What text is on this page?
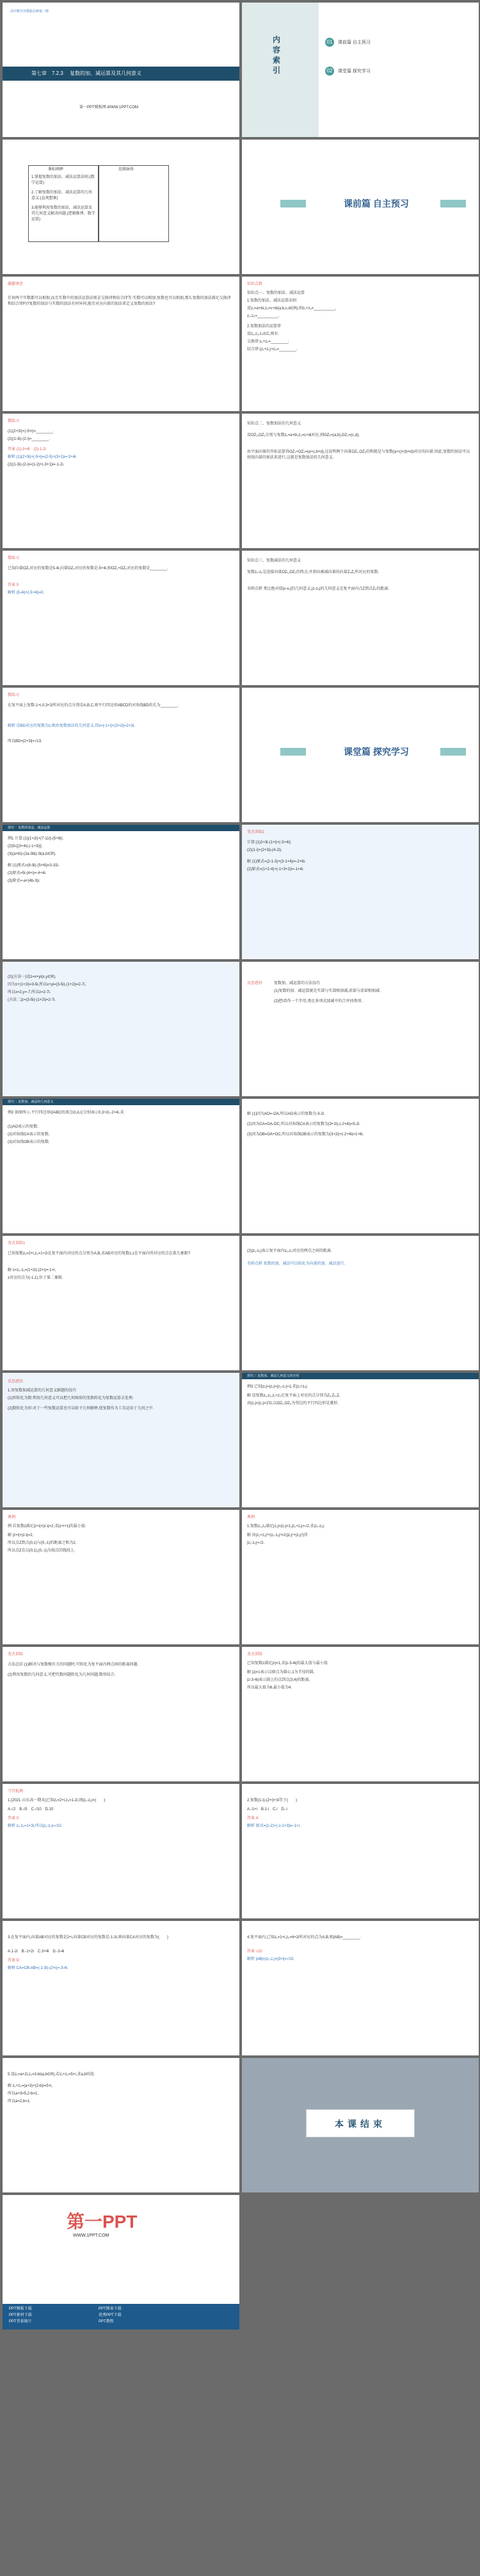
高中数学苏教版必修第二册
第七章　 7.2.3 　复数的加、减运算及其几何意义
第一PPT模板网-WWW.1PPT.COM
内容索引
01	课前篇 自主预习
02	课堂篇 探究学习
课标阐释
1.掌握复数的加法、减法运算法则.(数学运算)
2.了解复数的加法、减法运算的几何意义.(直观想象)
3.能够利用复数的加法、减法运算及其几何意义解决问题.(逻辑推理、数学运算)
思维脉络
课前篇 自主预习
激趣诱思
任何两个实数都可以相加,而且实数中的加法运算法则是交换律和结合律等.实数可以相加,复数也可以相加,那么复数的加法满足交换律和结合律吗?复数的加法与实数的加法有何异同,能否对应向量的加法来定义复数的加法?
知识点拨
知识点一、复数的加法、减法运算
1.复数的加法、减法运算法则
设z₁=a+bi,z₂=c+di(a,b,c,d∈R),则z₁+z₂=__________,
z₁-z₂=__________.
2.复数加法的运算律
设z₁,z₂,z₃∈C,则有:
交换律:z₁+z₂=________;
结合律:(z₁+z₂)+z₃=________.
微练习
(1)(2+3i)+(-5+i)=________.
(2)(1-3i)-(2-i)=________.
答案 (1)-3+4i　(2)-1-2i
解析 (1)(2+3i)+(-5+i)=(2-5)+(3+1)i=-3+4i.
(2)(1-3i)-(2-i)=(1-2)+(-3+1)i=-1-2i.
知识点二、复数加法的几何意义
设OZ₁,OZ₂分别与复数z₁=a+bi,z₂=c+di对应,则OZ₁=(a,b),OZ₂=(c,d),
由平面向量的坐标运算得OZ₁+OZ₂=(a+c,b+d),这说明两个向量OZ₁,OZ₂的和就是与复数(a+c)+(b+d)i对应的向量.因此,复数的加法可以按照向量的加法来进行,这就是复数加法的几何意义.
微练习
已知向量OZ₁对应的复数是5-4i,向量OZ₂对应的复数是-5+4i,则OZ₁+OZ₂对应的复数是________.
答案 0
解析 (5-4i)+(-5+4i)=0.
知识点三、复数减法的几何意义
复数z₁-z₂是连接向量OZ₁,OZ₂的终点,并指向被减向量的向量Z₂Z₁所对应的复数.
名师点析 类比绝对值|x-x₀|的几何意义,|z-z₀|的几何意义是复平面内点Z到点Z₀的距离.
微练习
在复平面上复数-1+i,0,3+2i所对应的点分别是A,B,C,则平行四边形ABCD的对角线BD的长为________.
解析 设BD对应的复数为z,则由复数加法的几何意义,得z=(-1+i)+(3+2i)=2+3i,
所以BD=|2+3i|=√13.
课堂篇 探究学习
探究一 复数的加法、减法运算
例1 计算:(1)(1+2i)+(7-11i)-(5+6i);
(2)5i-[(3+4i)-(-1+3i)];
(3)(a+bi)-(2a-3bi)-3i(a,b∈R).
解 (1)原式=(8-9i)-(5+6i)=3-15i.
(2)原式=5i-(4+i)=-4+4i.
(3)原式=-a+(4b-3)i.
变式训练1
计算:(1)2+3i-(1+i)+(-3+4i);
(2)(1-i)+(2+3i)-(4-2i).
解 (1)原式=(2-1-3)+(3-1+4)i=-2+6i.
(2)原式=(1+2-4)+(-1+3+2)i=-1+4i.
(2)(方法一)设z=x+yi(x,y∈R),
因为z+(1+2i)=3-5i,所以x+yi=(3-5i)-(1+2i)=2-7i,
所以x=2,y=-7,所以z=2-7i.
(方法二)z=(3-5i)-(1+2i)=2-7i.
反思感悟	复数加、减运算的方法技巧
(1)复数的加、减运算就是实部与实部相加减,虚部与虚部相加减.
(2)把i看作一个字母,类比多项式加减中的合并同类项.
探究二 复数加、减法的几何意义
例2 如图所示,平行四边形OABC的顶点O,A,C分别表示0,3+2i,-2+4i.求:
(1)AO表示的复数;
(2)对角线CA表示的复数;
(3)对角线OB表示的复数.
解 (1)因为AO=-OA,所以AO表示的复数为-3-2i.
(2)因为CA=OA-OC,所以对角线CA表示的复数为(3+2i)-(-2+4i)=5-2i.
(3)因为OB=OA+OC,所以对角线OB表示的复数为(3+2i)+(-2+4i)=1+6i.
变式训练1
已知复数z₁=2+i,z₂=1+2i在复平面内对应的点分别为A,B,求AB对应的复数z,z在平面内所对应的点在第几象限?
解 z=z₂-z₁=(1+2i)-(2+i)=-1+i,
z对应的点为(-1,1),位于第二象限.
(2)|z₁-z₂|表示复平面内z₁,z₂对应的两点之间的距离.
名师点析 复数的加、减法可以转化为向量的加、减法进行.
反思感悟
1.用复数加减运算的几何意义解题的技巧
(1)形转化为数:利用几何意义可以把几何图形的变换转化为复数运算去处理.
(2)数转化为形:对于一些复数运算也可以给予几何解释,使复数作为工具运用于几何之中.
探究三 复数加、减法几何意义的应用
例3 已知|z₁|=|z₂|=|z₁-z₂|=1,求|z₁+z₂|.
解 设复数z₁,z₂,z₁+z₂在复平面上对应的点分别为Z₁,Z₂,Z,
由|z₁|=|z₂|=1知,以OZ₁,OZ₂为邻边的平行四边形是菱形.
典例
例 若复数z满足|z+i|+|z-i|=2,求|z+i+1|的最小值.
解 |z+i|+|z-i|=2,
所以点Z到点(0,1)与(0,-1)的距离之和为2,
所以点Z在以(0,1),(0,-1)为端点的线段上.
典例
1.复数z₁,z₂满足|z₁|=|z₂|=1,|z₁+z₂|=√2,求|z₁-z₂|.
解 由|z₁+z₂|²+|z₁-z₂|²=2(|z₁|²+|z₂|²)得
|z₁-z₂|=√2.
变式训练
方法总结 (1)解决与复数模有关的问题时,可转化为复平面内两点间的距离问题.
(2)利用复数的几何意义,可把代数问题转化为几何问题,数形结合.
变式训练
已知复数z满足|z|=1,求|z-3-4i|的最大值与最小值.
解 |z|=1表示以原点为圆心,1为半径的圆,
|z-3-4i|表示圆上的点到点(3,4)的距离,
所以最大值为6,最小值为4.
当堂检测
1.(2021·山东高一期末)已知z₁=2+i,z₂=1-2i,则|z₁-z₂|=(　　)
A.√2　B.√5　C.√10　D.10
答案 C
解析 z₁-z₂=1+3i,所以|z₁-z₂|=√10.
2.复数(1-i)-(2+i)+3i等于(　　)
A.-1+i　B.1-i　C.i　D.-i
答案 A
解析 原式=(1-2)+(-1-1+3)i=-1+i.
3.在复平面内,向量AB对应的复数是2+i,向量CB对应的复数是-1-3i,则向量CA对应的复数为(　　)
A.1-2i　B.-1+2i　C.3+4i　D.-3-4i
答案 D
解析 CA=CB-AB=(-1-3i)-(2+i)=-3-4i.
4.复平面内,已知z₁=1+i,z₂=4+2i所对应的点为A,B,则|AB|=________.
答案 √10
解析 |AB|=|z₂-z₁|=|3+i|=√10.
5.设z₁=a+2i,z₂=3-bi(a,b∈R),若z₁+z₂=5+i,求a,b的值.
解 z₁+z₂=(a+3)+(2-b)i=5+i,
所以a+3=5,2-b=1,
所以a=2,b=1.
本课结束
第一PPT
WWW.1PPT.COM
PPT模板下载
PPT素材下载
PPT背景图片
PPT图表下载
优秀PPT下载
PPT教程
